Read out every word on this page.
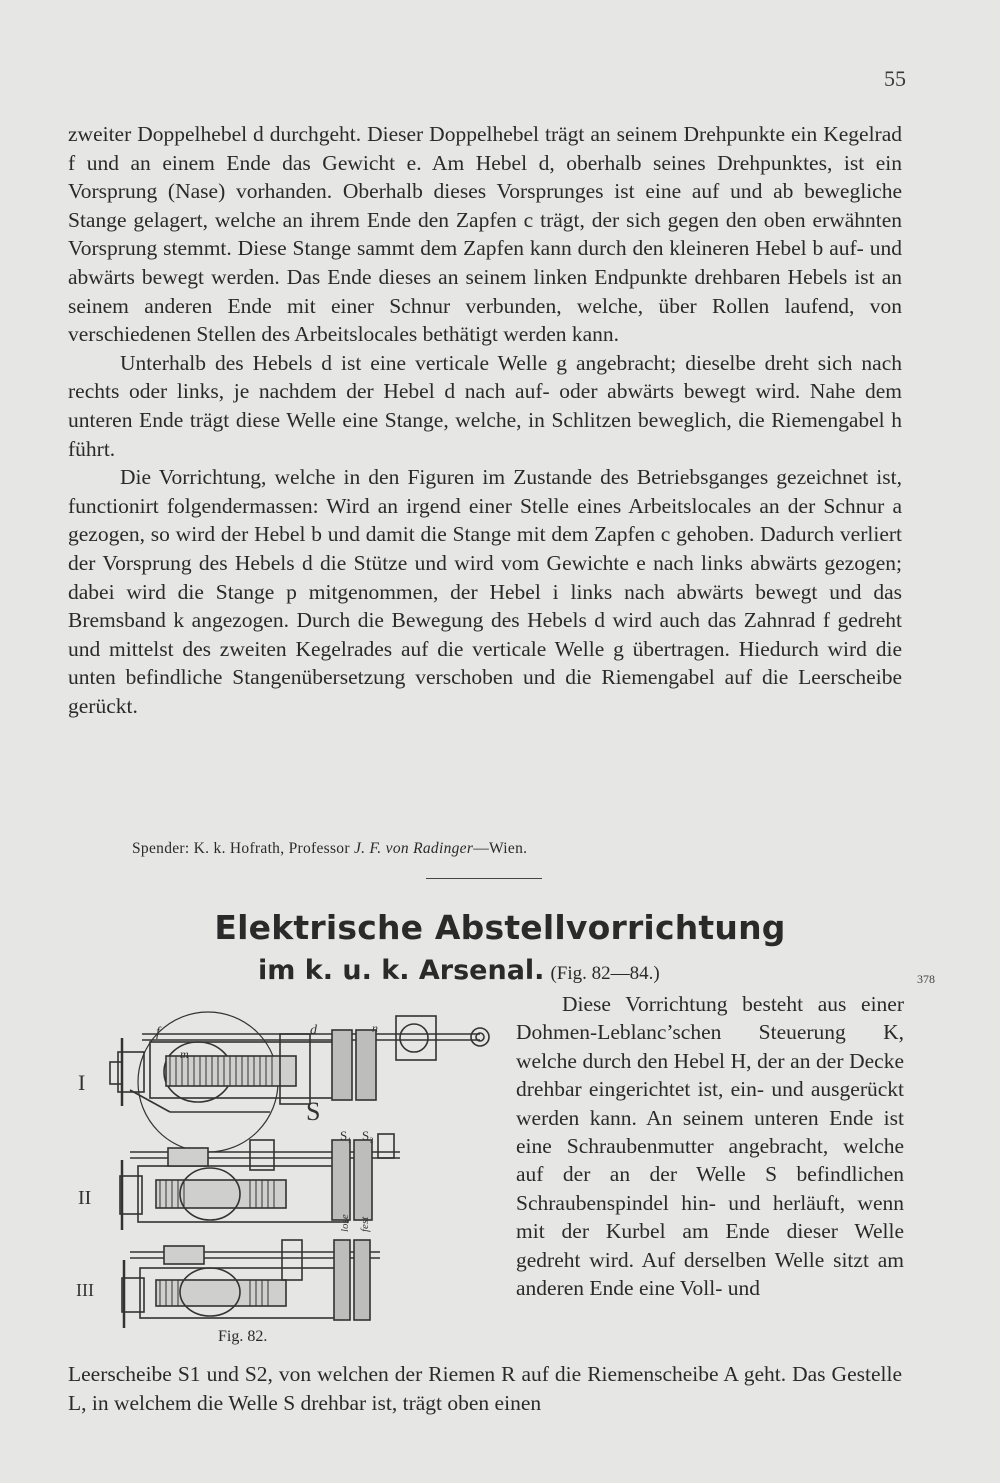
55

zweiter Doppelhebel d durchgeht. Dieser Doppelhebel trägt an seinem Drehpunkte ein Kegelrad f und an einem Ende das Gewicht e. Am Hebel d, oberhalb seines Drehpunktes, ist ein Vorsprung (Nase) vorhanden. Oberhalb dieses Vorsprunges ist eine auf und ab bewegliche Stange gelagert, welche an ihrem Ende den Zapfen c trägt, der sich gegen den oben erwähnten Vorsprung stemmt. Diese Stange sammt dem Zapfen kann durch den kleineren Hebel b auf- und abwärts bewegt werden. Das Ende dieses an seinem linken Endpunkte drehbaren Hebels ist an seinem anderen Ende mit einer Schnur verbunden, welche, über Rollen laufend, von verschiedenen Stellen des Arbeitslocales bethätigt werden kann.

Unterhalb des Hebels d ist eine verticale Welle g angebracht; dieselbe dreht sich nach rechts oder links, je nachdem der Hebel d nach auf- oder abwärts bewegt wird. Nahe dem unteren Ende trägt diese Welle eine Stange, welche, in Schlitzen beweglich, die Riemengabel h führt.

Die Vorrichtung, welche in den Figuren im Zustande des Betriebsganges gezeichnet ist, functionirt folgendermassen: Wird an irgend einer Stelle eines Arbeitslocales an der Schnur a gezogen, so wird der Hebel b und damit die Stange mit dem Zapfen c gehoben. Dadurch verliert der Vorsprung des Hebels d die Stütze und wird vom Gewichte e nach links abwärts gezogen; dabei wird die Stange p mitgenommen, der Hebel i links nach abwärts bewegt und das Bremsband k angezogen. Durch die Bewegung des Hebels d wird auch das Zahnrad f gedreht und mittelst des zweiten Kegelrades auf die verticale Welle g übertragen. Hiedurch wird die unten befindliche Stangenübersetzung verschoben und die Riemengabel auf die Leerscheibe gerückt.

Spender: K. k. Hofrath, Professor J. F. von Radinger—Wien.
Elektrische Abstellvorrichtung
im k. u. k. Arsenal. (Fig. 82—84.)	378
I
II
III
f	d
m
n
S
S₁ S₂
lose fest
Fig. 82.

Diese Vorrichtung besteht aus einer Dohmen-Leblanc’schen Steuerung K, welche durch den Hebel H, der an der Decke drehbar eingerichtet ist, ein- und ausgerückt werden kann. An seinem unteren Ende ist eine Schraubenmutter angebracht, welche auf der an der Welle S befindlichen Schraubenspindel hin- und herläuft, wenn mit der Kurbel am Ende dieser Welle gedreht wird. Auf derselben Welle sitzt am anderen Ende eine Voll- und

Leerscheibe S1 und S2, von welchen der Riemen R auf die Riemenscheibe A geht. Das Gestelle L, in welchem die Welle S drehbar ist, trägt oben einen
